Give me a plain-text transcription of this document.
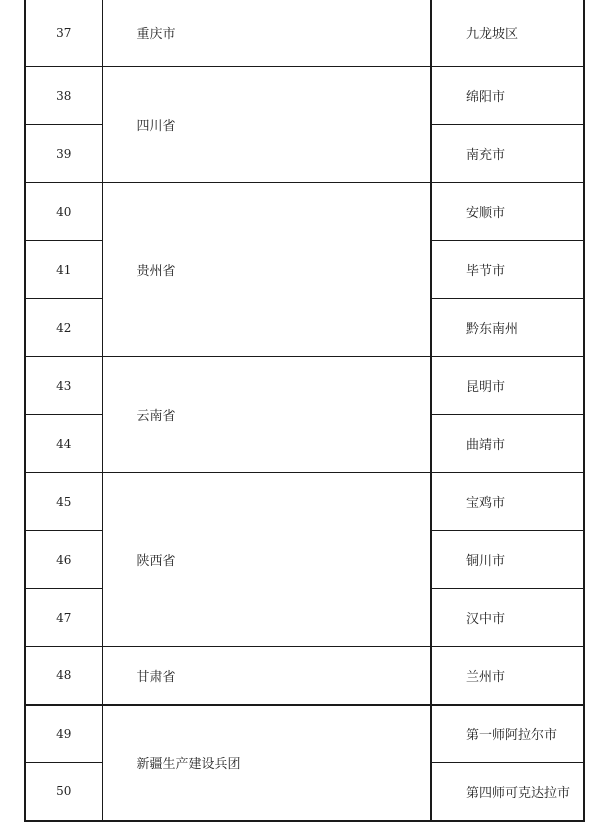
37	重庆市	九龙坡区
38	四川省	绵阳市
39		南充市
40	贵州省	安顺市
41		毕节市
42		黔东南州
43	云南省	昆明市
44		曲靖市
45	陕西省	宝鸡市
46		铜川市
47		汉中市
48	甘肃省	兰州市
49	新疆生产建设兵团	第一师阿拉尔市
50		第四师可克达拉市
